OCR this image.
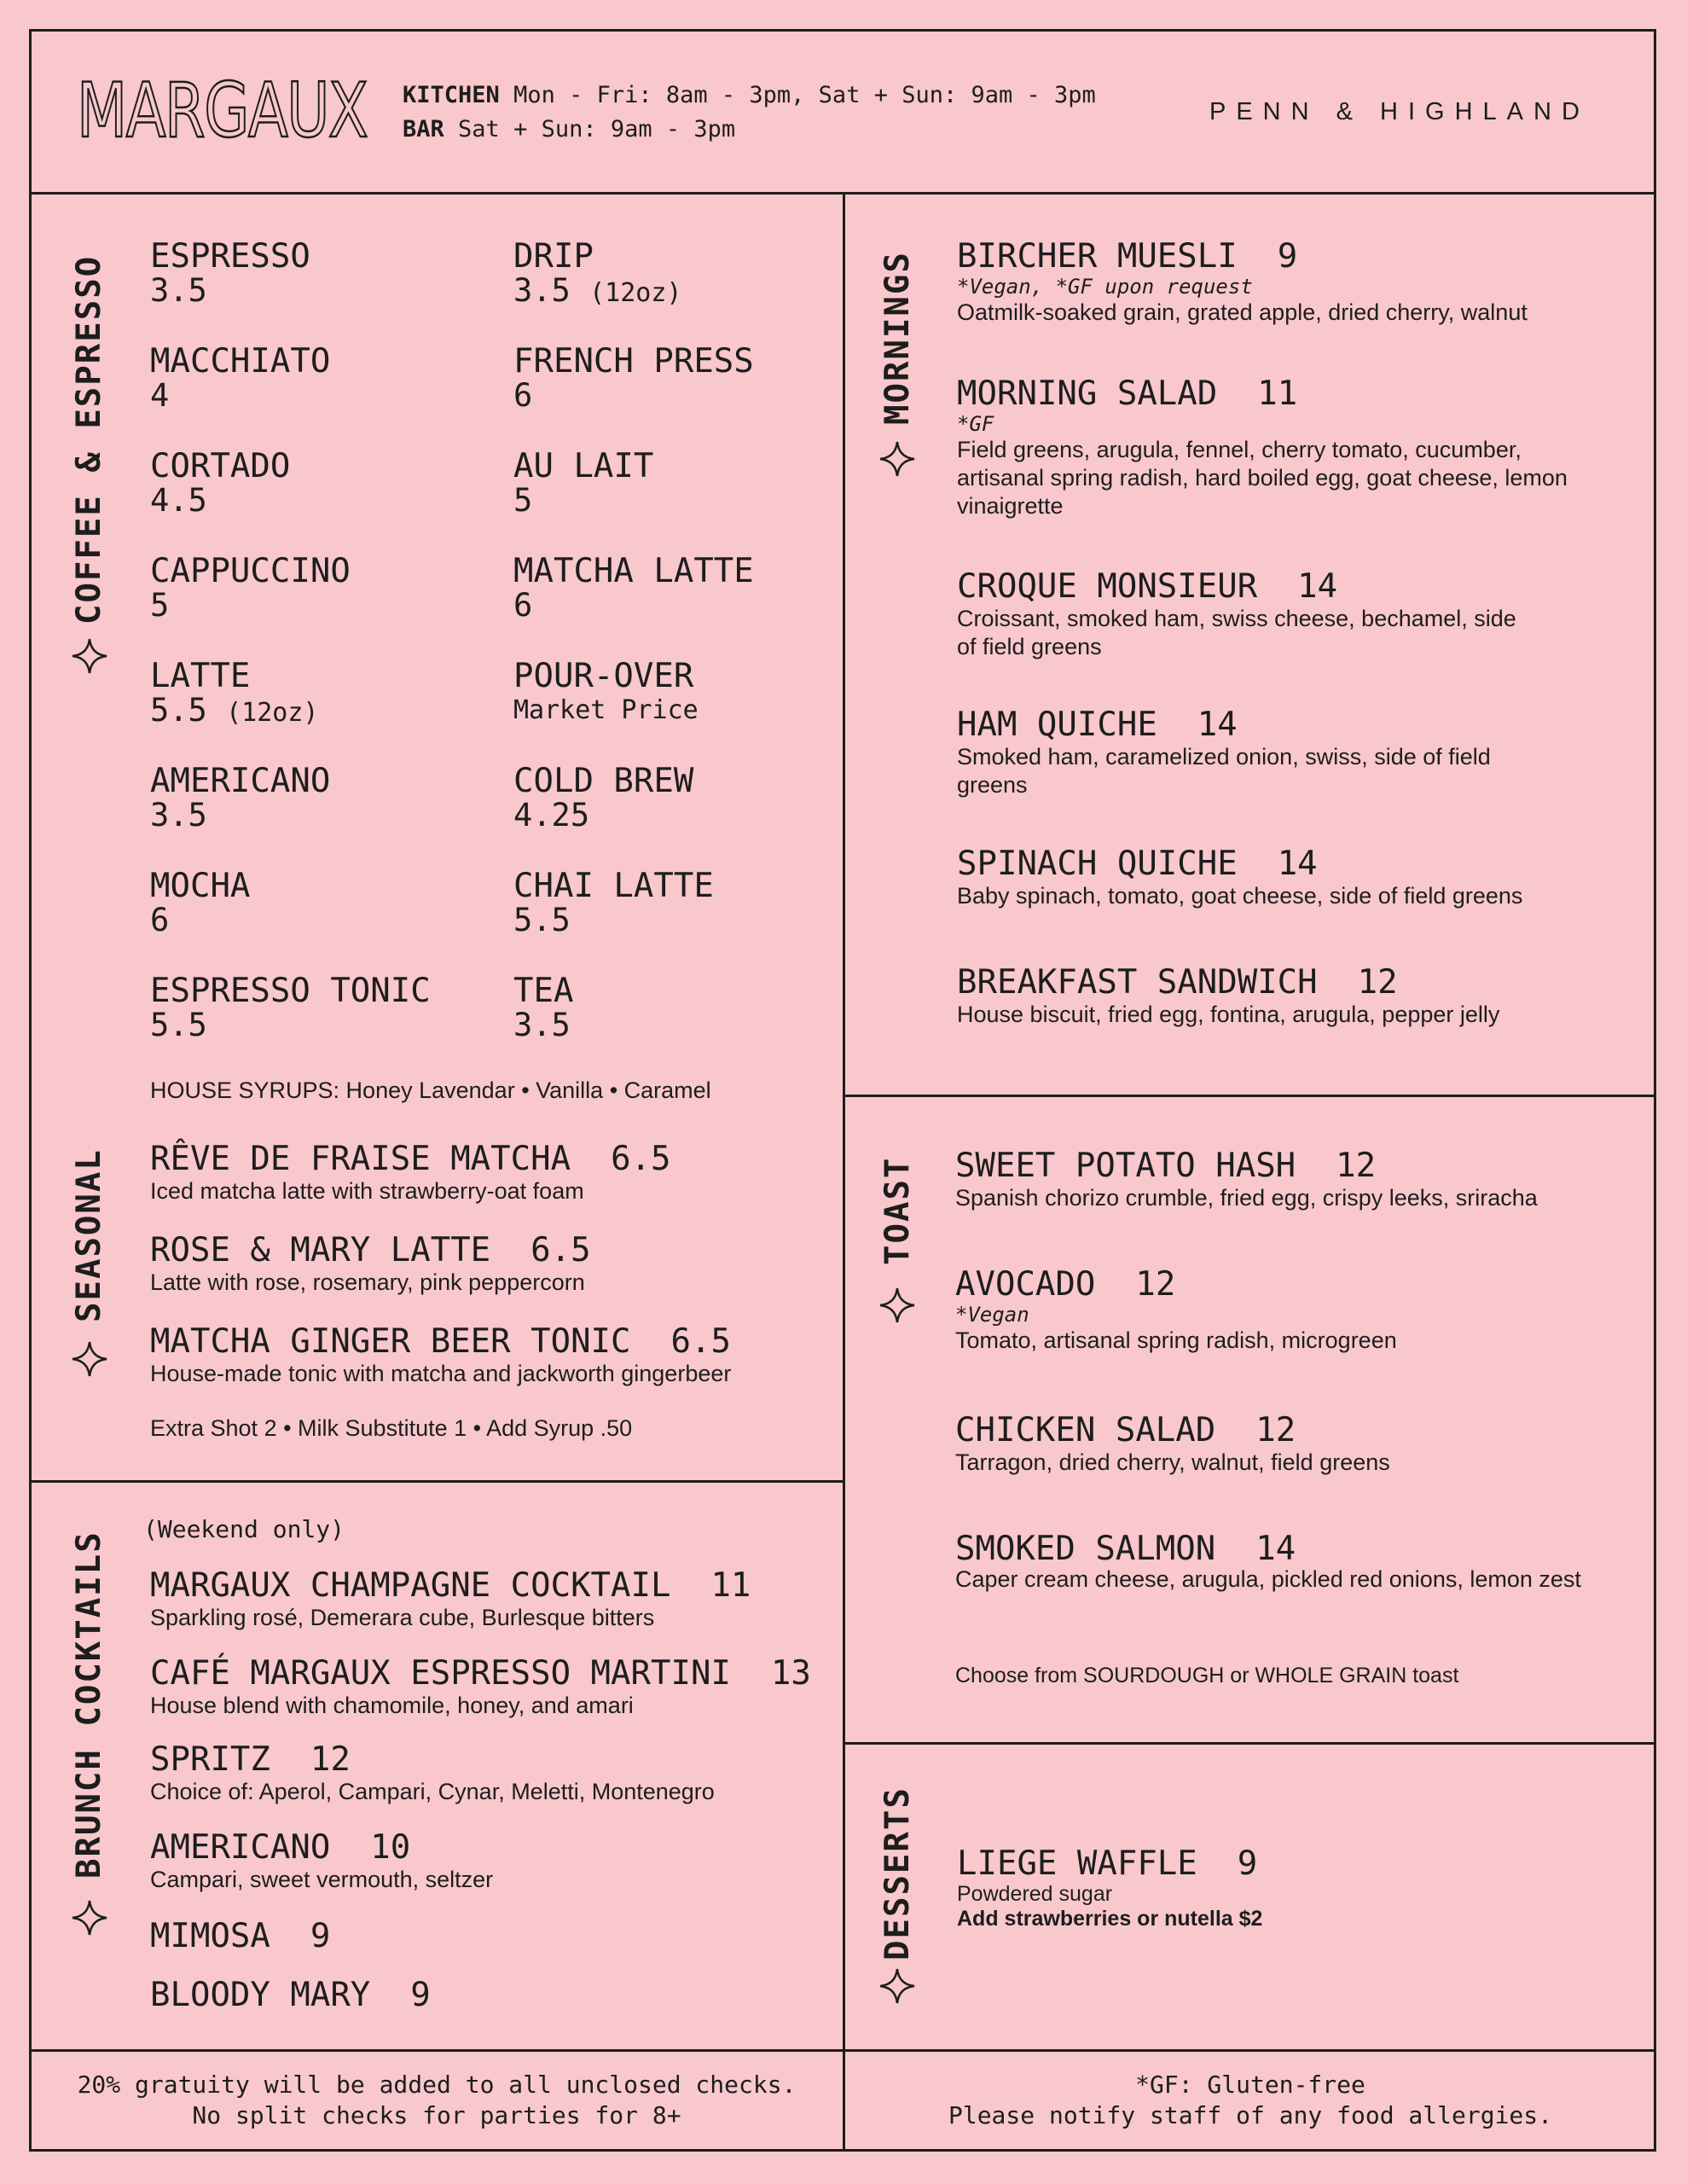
MARGAUX KITCHEN Mon - Fri: 8am - 3pm, Sat + Sun: 9am - 3pm
BAR Sat + Sun: 9am - 3pm
PENN & HIGHLAND
COFFEE & ESPRESSO
SEASONAL
BRUNCH COCKTAILS
MORNINGS
TOAST
DESSERTS
ESPRESSO
3.5
MACCHIATO
4
CORTADO
4.5
CAPPUCCINO
5
LATTE
5.5 (12oz)
AMERICANO
3.5
MOCHA
6
ESPRESSO TONIC
5.5
DRIP
3.5 (12oz)
FRENCH PRESS
6
AU LAIT
5
MATCHA LATTE
6
POUR-OVER
Market Price
COLD BREW
4.25
CHAI LATTE
5.5
TEA
3.5
HOUSE SYRUPS: Honey Lavendar • Vanilla • Caramel
RÊVE DE FRAISE MATCHA 6.5
Iced matcha latte with strawberry-oat foam
ROSE & MARY LATTE 6.5
Latte with rose, rosemary, pink peppercorn
MATCHA GINGER BEER TONIC 6.5
House-made tonic with matcha and jackworth gingerbeer
Extra Shot 2 • Milk Substitute 1 • Add Syrup .50
(Weekend only)
MARGAUX CHAMPAGNE COCKTAIL 11
Sparkling rosé, Demerara cube, Burlesque bitters
CAFÉ MARGAUX ESPRESSO MARTINI 13
House blend with chamomile, honey, and amari
SPRITZ 12
Choice of: Aperol, Campari, Cynar, Meletti, Montenegro
AMERICANO 10
Campari, sweet vermouth, seltzer
MIMOSA 9
BLOODY MARY 9
BIRCHER MUESLI 9
*Vegan, *GF upon request
Oatmilk-soaked grain, grated apple, dried cherry, walnut
MORNING SALAD 11
*GF
Field greens, arugula, fennel, cherry tomato, cucumber, artisanal spring radish, hard boiled egg, goat cheese, lemon vinaigrette
CROQUE MONSIEUR 14
Croissant, smoked ham, swiss cheese, bechamel, side of field greens
HAM QUICHE 14
Smoked ham, caramelized onion, swiss, side of field greens
SPINACH QUICHE 14
Baby spinach, tomato, goat cheese, side of field greens
BREAKFAST SANDWICH 12
House biscuit, fried egg, fontina, arugula, pepper jelly
SWEET POTATO HASH 12
Spanish chorizo crumble, fried egg, crispy leeks, sriracha
AVOCADO 12
*Vegan
Tomato, artisanal spring radish, microgreen
CHICKEN SALAD 12
Tarragon, dried cherry, walnut, field greens
SMOKED SALMON 14
Caper cream cheese, arugula, pickled red onions, lemon zest
Choose from SOURDOUGH or WHOLE GRAIN toast
LIEGE WAFFLE 9
Powdered sugar
Add strawberries or nutella $2
20% gratuity will be added to all unclosed checks.
No split checks for parties for 8+
*GF: Gluten-free
Please notify staff of any food allergies.
